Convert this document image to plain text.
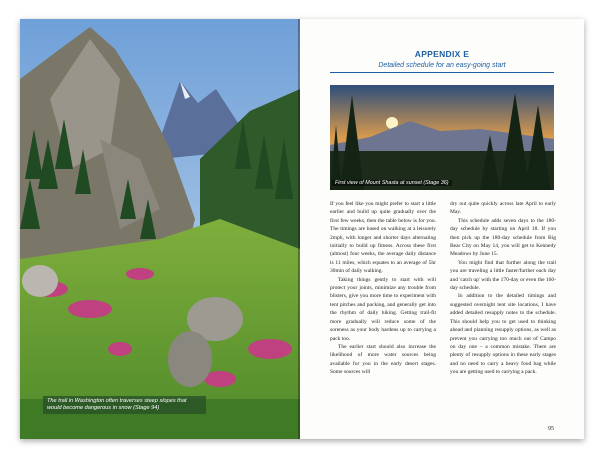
The trail in Washington often traverses steep slopes that would become dangerous in snow (Stage 94)
APPENDIX E
Detailed schedule for an easy-going start
First view of Mount Shasta at sunset (Stage 36)

If you feel like you might prefer to start a little earlier and build up quite gradually over the first few weeks, then the table below is for you. The timings are based on walking at a leisurely 2mph, with longer and shorter days alternating initially to build up fitness. Across these first (almost) four weeks, the average daily distance is 11 miles, which equates to an average of 5hr 30min of daily walking.

Taking things gently to start with will protect your joints, minimize any trouble from blisters, give you more time to experiment with tent pitches and packing, and generally get into the rhythm of daily hiking. Getting trail-fit more gradually will reduce some of the soreness as your body hardens up to carrying a pack too.

The earlier start should also increase the likelihood of more water sources being available for you in the early desert stages. Some sources will

dry out quite quickly across late April to early May.

This schedule adds seven days to the 180-day schedule by starting on April 18. If you then pick up the 180-day schedule from Big Bear City on May 14, you will get to Kennedy Meadows by June 15.

You might find that further along the trail you are traveling a little faster/further each day and 'catch up' with the 170-day or even the 160-day schedule.

In addition to the detailed timings and suggested overnight tent site locations, I have added detailed resupply notes to the schedule. This should help you to get used to thinking ahead and planning resupply options, as well as prevent you carrying too much out of Campo on day one – a common mistake. There are plenty of resupply options in these early stages and no need to carry a heavy food bag while you are getting used to carrying a pack.

95
